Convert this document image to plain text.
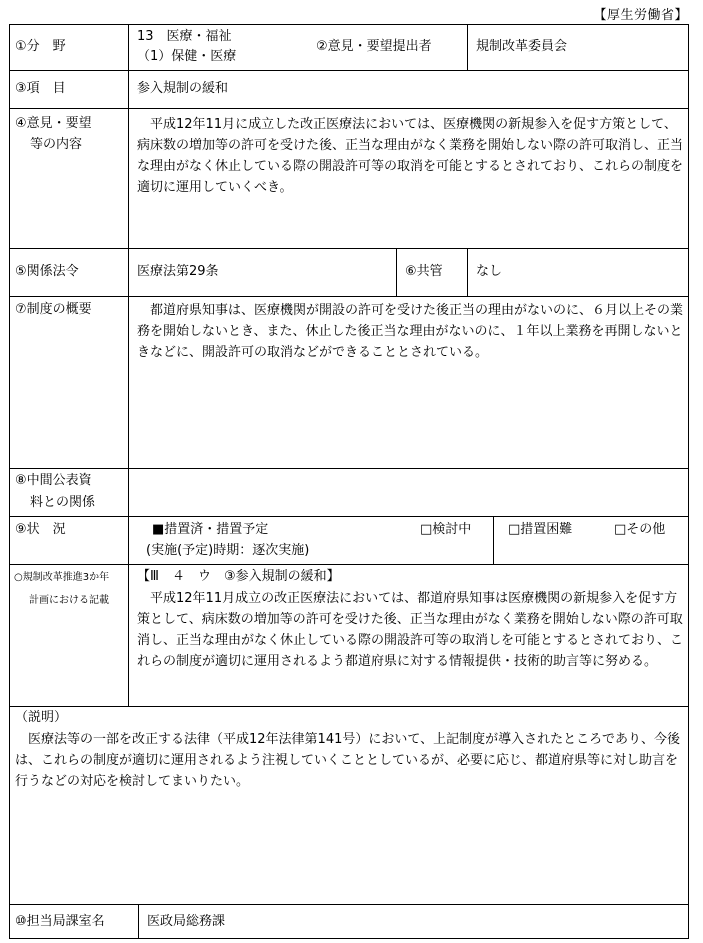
【厚生労働省】
①分　野
13　医療・福祉
（1）保健・医療
②意見・要望提出者	規制改革委員会
③項　目	参入規制の緩和
④意見・要望
等の内容
　平成12年11月に成立した改正医療法においては、医療機関の新規参入を促す方策として、病床数の増加等の許可を受けた後、正当な理由がなく業務を開始しない際の許可取消し、正当な理由がなく休止している際の開設許可等の取消を可能とするとされており、これらの制度を適切に運用していくべき。
⑤関係法令	医療法第29条	⑥共管	なし
⑦制度の概要	　都道府県知事は、医療機関が開設の許可を受けた後正当の理由がないのに、６月以上その業務を開始しないとき、また、休止した後正当な理由がないのに、１年以上業務を再開しないときなどに、開設許可の取消などができることとされている。
⑧中間公表資
料との関係
⑨状　況	■措置済・措置予定
(実施(予定)時期：逐次実施)
□検討中	□措置困難	□その他
○規制改革推進3か年
計画における記載
【Ⅲ　４　ウ　③参入規制の緩和】
　平成12年11月成立の改正医療法においては、都道府県知事は医療機関の新規参入を促す方策として、病床数の増加等の許可を受けた後、正当な理由がなく業務を開始しない際の許可取消し、正当な理由がなく休止している際の開設許可等の取消しを可能とするとされており、これらの制度が適切に運用されるよう都道府県に対する情報提供・技術的助言等に努める。
（説明）
　医療法等の一部を改正する法律（平成12年法律第141号）において、上記制度が導入されたところであり、今後は、これらの制度が適切に運用されるよう注視していくこととしているが、必要に応じ、都道府県等に対し助言を行うなどの対応を検討してまいりたい。
⑩担当局課室名	医政局総務課
